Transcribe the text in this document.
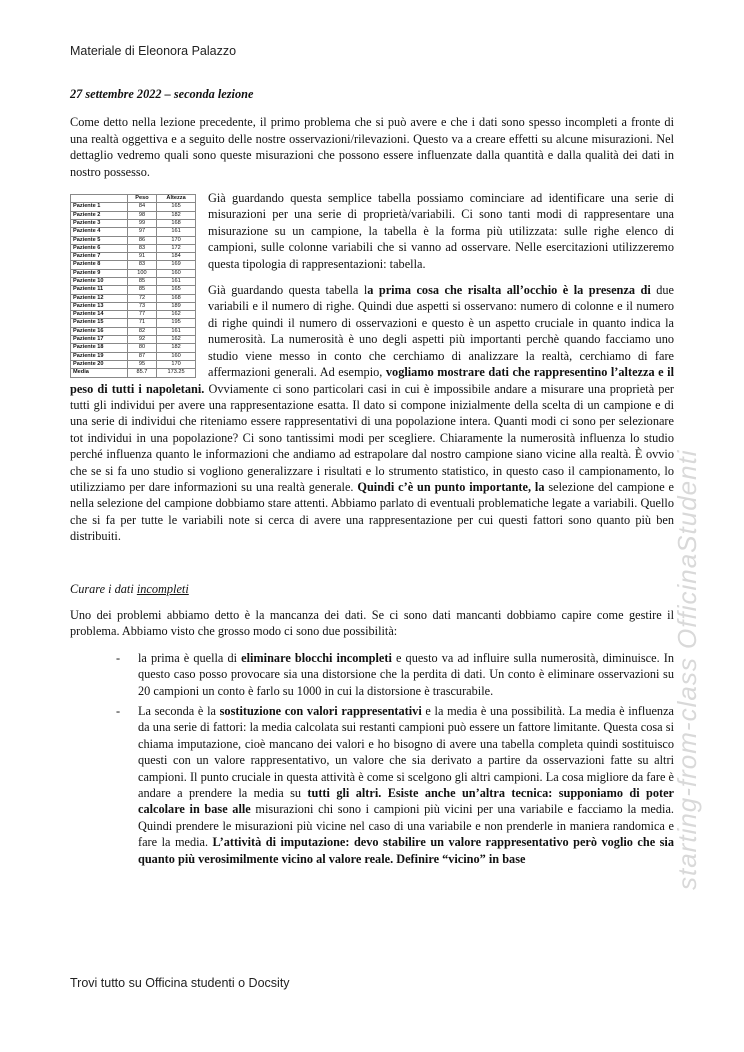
Materiale di Eleonora Palazzo

27 settembre 2022 – seconda lezione

Come detto nella lezione precedente, il primo problema che si può avere e che i dati sono spesso incompleti a fronte di una realtà oggettiva e a seguito delle nostre osservazioni/rilevazioni. Questo va a creare effetti su alcune misurazioni. Nel dettaglio vedremo quali sono queste misurazioni che possono essere influenzate dalla quantità e dalla qualità dei dati in nostro possesso.

	Peso	Altezza
Paziente 1	84	165
Paziente 2	98	182
Paziente 3	99	168
Paziente 4	97	161
Paziente 5	86	170
Paziente 6	83	172
Paziente 7	91	184
Paziente 8	83	169
Paziente 9	100	160
Paziente 10	85	161
Paziente 11	85	165
Paziente 12	72	168
Paziente 13	73	189
Paziente 14	77	162
Paziente 15	71	195
Paziente 16	82	161
Paziente 17	92	162
Paziente 18	80	182
Paziente 19	87	160
Paziente 20	95	170
Media	85.7	173.25

Già guardando questa semplice tabella possiamo cominciare ad identificare una serie di misurazioni per una serie di proprietà/variabili. Ci sono tanti modi di rappresentare una misurazione su un campione, la tabella è la forma più utilizzata: sulle righe elenco di campioni, sulle colonne variabili che si vanno ad osservare. Nelle esercitazioni utilizzeremo questa tipologia di rappresentazioni: tabella.

Già guardando questa tabella la prima cosa che risalta all’occhio è la presenza di due variabili e il numero di righe. Quindi due aspetti si osservano: numero di colonne e il numero di righe quindi il numero di osservazioni e questo è un aspetto cruciale in quanto indica la numerosità. La numerosità è uno degli aspetti più importanti perchè quando facciamo uno studio viene messo in conto che cerchiamo di analizzare la realtà, cerchiamo di fare affermazioni generali. Ad esempio, vogliamo mostrare dati che rappresentino l’altezza e il peso di tutti i napoletani. Ovviamente ci sono particolari casi in cui è impossibile andare a misurare una proprietà per tutti gli individui per avere una rappresentazione esatta. Il dato si compone inizialmente della scelta di un campione e di una serie di individui che riteniamo essere rappresentativi di una popolazione intera. Quanti modi ci sono per selezionare tot individui in una popolazione? Ci sono tantissimi modi per scegliere. Chiaramente la numerosità influenza lo studio perché influenza quanto le informazioni che andiamo ad estrapolare dal nostro campione siano vicine alla realtà. È ovvio che se si fa uno studio si vogliono generalizzare i risultati e lo strumento statistico, in questo caso il campionamento, lo utilizziamo per dare informazioni su una realtà generale. Quindi c’è un punto importante, la selezione del campione e nella selezione del campione dobbiamo stare attenti. Abbiamo parlato di eventuali problematiche legate a variabili. Quello che si fa per tutte le variabili note si cerca di avere una rappresentazione per cui questi fattori sono quanto più ben distribuiti.

Curare i dati incompleti

Uno dei problemi abbiamo detto è la mancanza dei dati. Se ci sono dati mancanti dobbiamo capire come gestire il problema. Abbiamo visto che grosso modo ci sono due possibilità:

- la prima è quella di eliminare blocchi incompleti e questo va ad influire sulla numerosità, diminuisce. In questo caso posso provocare sia una distorsione che la perdita di dati. Un conto è eliminare osservazioni su 20 campioni un conto è farlo su 1000 in cui la distorsione è trascurabile.
- La seconda è la sostituzione con valori rappresentativi e la media è una possibilità. La media è influenza da una serie di fattori: la media calcolata sui restanti campioni può essere un fattore limitante. Questa cosa si chiama imputazione, cioè mancano dei valori e ho bisogno di avere una tabella completa quindi sostituisco questi con un valore rappresentativo, un valore che sia derivato a partire da osservazioni fatte su altri campioni. Il punto cruciale in questa attività è come si scelgono gli altri campioni. La cosa migliore da fare è andare a prendere la media su tutti gli altri. Esiste anche un’altra tecnica: supponiamo di poter calcolare in base alle misurazioni chi sono i campioni più vicini per una variabile e facciamo la media. Quindi prendere le misurazioni più vicine nel caso di una variabile e non prenderle in maniera randomica e fare la media. L’attività di imputazione: devo stabilire un valore rappresentativo però voglio che sia quanto più verosimilmente vicino al valore reale. Definire “vicino” in base	starting-from-class OfficinaStudenti
Trovi tutto su Officina studenti o Docsity
